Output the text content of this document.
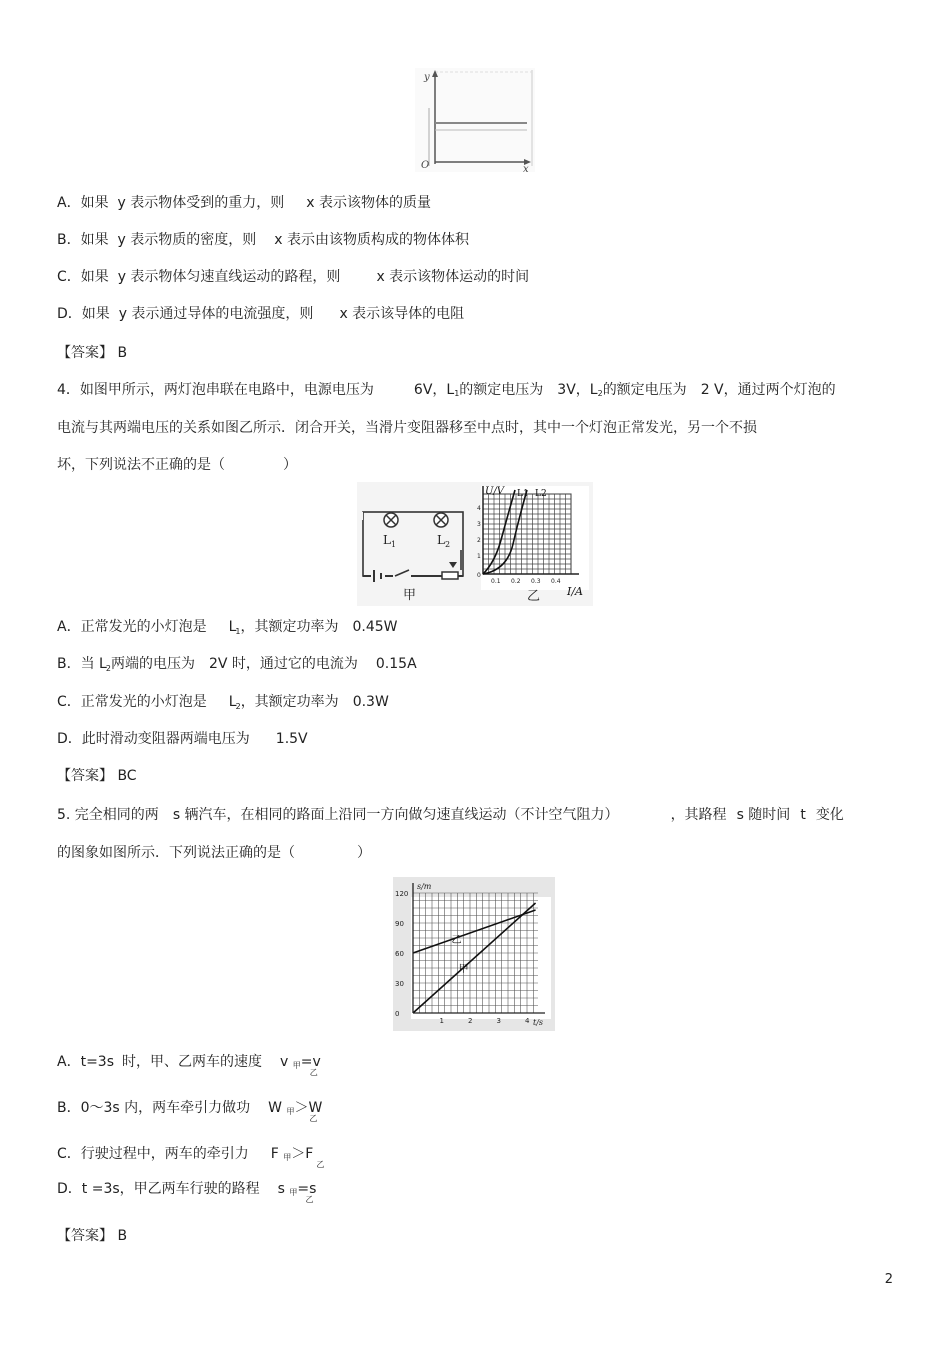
y
x
O
A．如果 y 表示物体受到的重力，则 x 表示该物体的质量
B．如果 y 表示物质的密度，则 x 表示由该物质构成的物体体积
C．如果 y 表示物体匀速直线运动的路程，则	x 表示该物体运动的时间
D．如果 y 表示通过导体的电流强度，则 x 表示该导体的电阻
【答案】 B
4．如图甲所示，两灯泡串联在电路中，电源电压为	6V，L1的额定电压为 3V，L2的额定电压为 2 V，通过两个灯泡的
电流与其两端电压的关系如图乙所示．闭合开关，当滑片变阻器移至中点时，其中一个灯泡正常发光，另一个不损
坏，下列说法不正确的是（	）
$L_1$	$L_2$
甲
U/V
I/A
4
3
2
1
0
0.1 0.2 0.3 0.4
L1 L2
乙
A．正常发光的小灯泡是 $L_1$，其额定功率为 0.45W
B．当 $L_2$两端的电压为 2V 时，通过它的电流为 0.15A
C．正常发光的小灯泡是 $L_2$，其额定功率为 0.3W
D．此时滑动变阻器两端电压为 1.5V
【答案】 BC
5. 完全相同的两 s 辆汽车，在相同的路面上沿同一方向做匀速直线运动（不计空气阻力）	，其路程 s 随时间 t 变化
的图象如图所示．下列说法正确的是（	）
乙
甲
0
30
60
90
120
1	2	3	4
s/m
t/s
A．t=3s 时，甲、乙两车的速度 v 甲$=v_乙$
B．0～3s 内，两车牵引力做功 W 甲$>W_乙$
C．行驶过程中，两车的牵引力 F 甲$>F_乙$
D．t =3s，甲乙两车行驶的路程 s 甲$=s_乙$
【答案】 B
2
